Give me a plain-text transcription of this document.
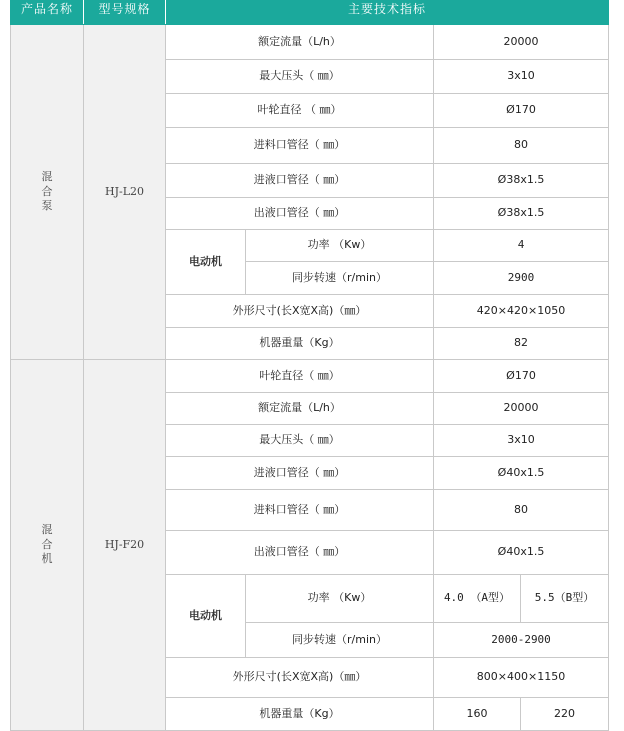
产品名称	型号规格	主要技术指标			

混
合
泵	HJ-L20	额定流量（L/h）		20000	
		最大压头（ ㎜）		3x10	
		叶轮直径 （ ㎜）		Ø170	
		进料口管径（ ㎜）		80	
		进液口管径（ ㎜）		Ø38x1.5	
		出液口管径（ ㎜）		Ø38x1.5	
		电动机	功率 （Kw）	4	
			同步转速（r/min）	2900	
		外形尺寸(长X宽X高)（㎜）		420×420×1050	
		机器重量（Kg）		82	

混
合
机	HJ-F20	叶轮直径（ ㎜）		Ø170	
		额定流量（L/h）		20000	
		最大压头（ ㎜）		3x10	
		进液口管径（ ㎜）		Ø40x1.5	
		进料口管径（ ㎜）		80	
		出液口管径（ ㎜）		Ø40x1.5	
		电动机	功率 （Kw）	4.0 （A型）	5.5（B型）
			同步转速（r/min）	2000-2900	
		外形尺寸(长X宽X高)（㎜）		800×400×1150	
		机器重量（Kg）		160	220
